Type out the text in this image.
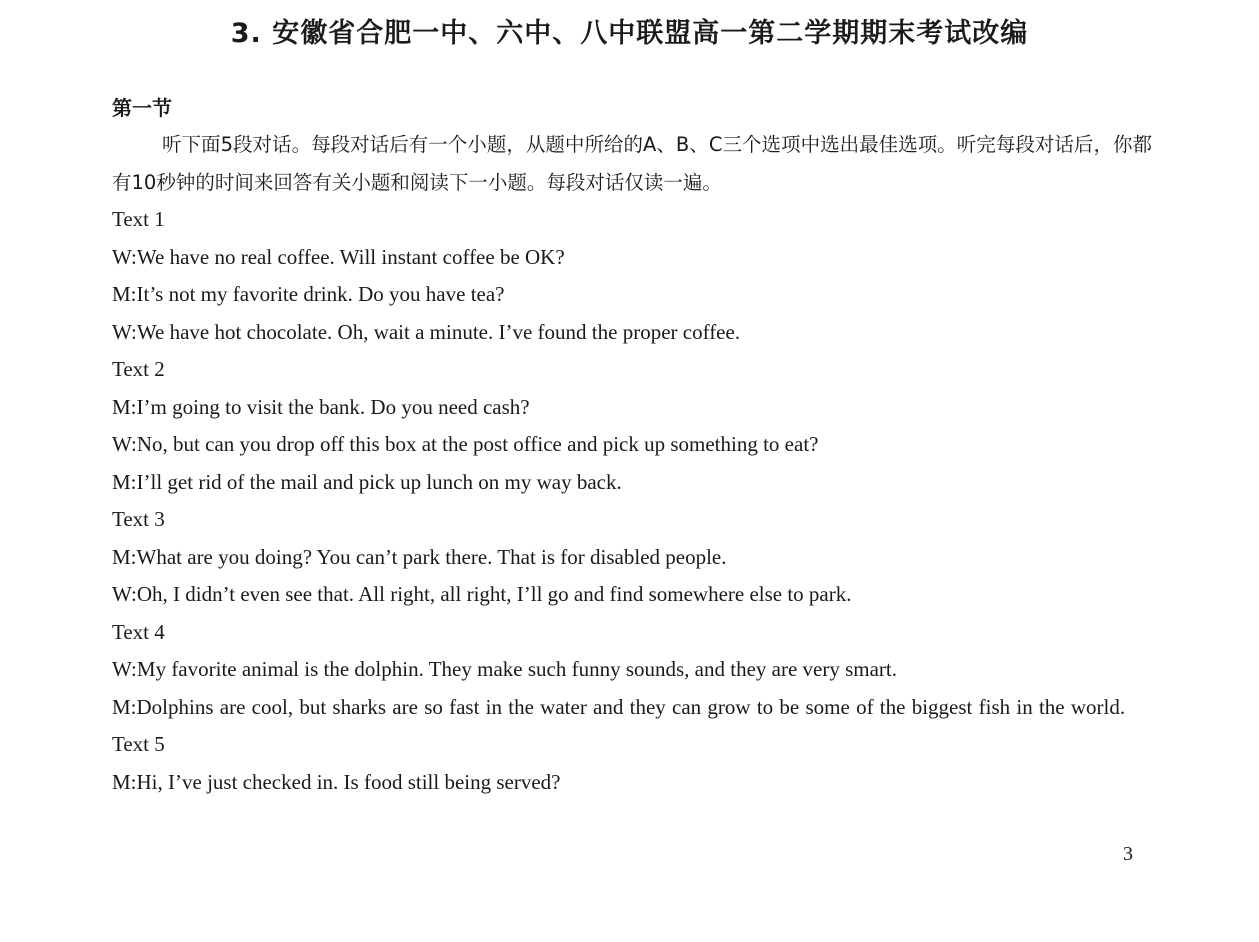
3. 安徽省合肥一中、六中、八中联盟高一第二学期期末考试改编
第一节

听下面5段对话。每段对话后有一个小题，从题中所给的A、B、C三个选项中选出最佳选项。听完每段对话后，你都有10秒钟的时间来回答有关小题和阅读下一小题。每段对话仅读一遍。

Text 1
W:We have no real coffee. Will instant coffee be OK?
M:It’s not my favorite drink. Do you have tea?
W:We have hot chocolate. Oh, wait a minute. I’ve found the proper coffee.
Text 2
M:I’m going to visit the bank. Do you need cash?
W:No, but can you drop off this box at the post office and pick up something to eat?
M:I’ll get rid of the mail and pick up lunch on my way back.
Text 3
M:What are you doing? You can’t park there. That is for disabled people.
W:Oh, I didn’t even see that. All right, all right, I’ll go and find somewhere else to park.
Text 4
W:My favorite animal is the dolphin. They make such funny sounds, and they are very smart.
M:Dolphins are cool, but sharks are so fast in the water and they can grow to be some of the biggest fish in the world.
Text 5
M:Hi, I’ve just checked in. Is food still being served?
3
